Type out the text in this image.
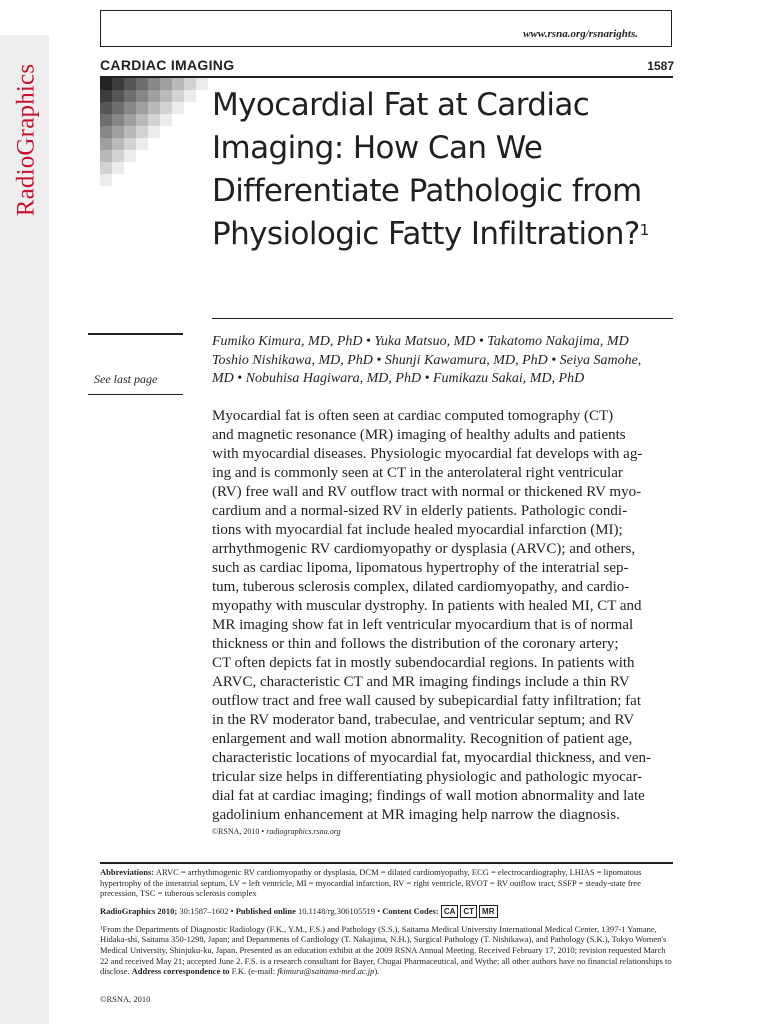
RadioGraphics
www.rsna.org/rsnarights.
CARDIAC IMAGING	1587
Myocardial Fat at Cardiac Imaging: How Can We Differentiate Pathologic from Physiologic Fatty Infiltration?$^1$
Fumiko Kimura, MD, PhD • Yuka Matsuo, MD • Takatomo Nakajima, MD
Toshio Nishikawa, MD, PhD • Shunji Kawamura, MD, PhD • Seiya Samohe,
MD • Nobuhisa Hagiwara, MD, PhD • Fumikazu Sakai, MD, PhD
See last page
Myocardial fat is often seen at cardiac computed tomography (CT)
and magnetic resonance (MR) imaging of healthy adults and patients
with myocardial diseases. Physiologic myocardial fat develops with ag-
ing and is commonly seen at CT in the anterolateral right ventricular
(RV) free wall and RV outflow tract with normal or thickened RV myo-
cardium and a normal-sized RV in elderly patients. Pathologic condi-
tions with myocardial fat include healed myocardial infarction (MI);
arrhythmogenic RV cardiomyopathy or dysplasia (ARVC); and others,
such as cardiac lipoma, lipomatous hypertrophy of the interatrial sep-
tum, tuberous sclerosis complex, dilated cardiomyopathy, and cardio-
myopathy with muscular dystrophy. In patients with healed MI, CT and
MR imaging show fat in left ventricular myocardium that is of normal
thickness or thin and follows the distribution of the coronary artery;
CT often depicts fat in mostly subendocardial regions. In patients with
ARVC, characteristic CT and MR imaging findings include a thin RV
outflow tract and free wall caused by subepicardial fatty infiltration; fat
in the RV moderator band, trabeculae, and ventricular septum; and RV
enlargement and wall motion abnormality. Recognition of patient age,
characteristic locations of myocardial fat, myocardial thickness, and ven-
tricular size helps in differentiating physiologic and pathologic myocar-
dial fat at cardiac imaging; findings of wall motion abnormality and late
gadolinium enhancement at MR imaging help narrow the diagnosis.
©RSNA, 2010 • radiographics.rsna.org

Abbreviations: ARVC = arrhythmogenic RV cardiomyopathy or dysplasia, DCM = dilated cardiomyopathy, ECG = electrocardiography, LHIAS = lipomatous hypertrophy of the interatrial septum, LV = left ventricle, MI = myocardial infarction, RV = right ventricle, RVOT = RV outflow tract, SSFP = steady-state free precession, TSC = tuberous sclerosis complex

RadioGraphics 2010; 30:1587–1602 • Published online 10.1148/rg.306105519 • Content Codes: CA CT MR

¹From the Departments of Diagnostic Radiology (F.K., Y.M., F.S.) and Pathology (S.S.), Saitama Medical University International Medical Center, 1397-1 Yamane, Hidaka-shi, Saitama 350-1298, Japan; and Departments of Cardiology (T. Nakajima, N.H.), Surgical Pathology (T. Nishikawa), and Pathology (S.K.), Tokyo Women's Medical University, Shinjuku-ku, Japan. Presented as an education exhibit at the 2009 RSNA Annual Meeting. Received February 17, 2010; revision requested March 22 and received May 21; accepted June 2. F.S. is a research consultant for Bayer, Chugai Pharmaceutical, and Wythe; all other authors have no financial relationships to disclose. Address correspondence to F.K. (e-mail: fkimura@saitama-med.ac.jp).

©RSNA, 2010
